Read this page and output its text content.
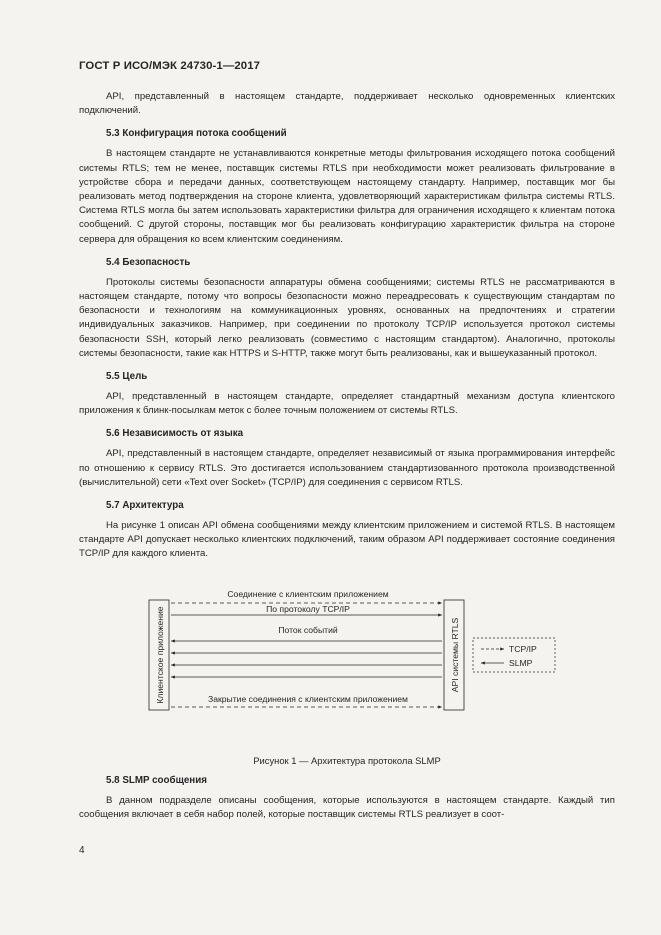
ГОСТ Р ИСО/МЭК 24730-1—2017

API, представленный в настоящем стандарте, поддерживает несколько одновременных клиентских подключений.

5.3 Конфигурация потока сообщений

В настоящем стандарте не устанавливаются конкретные методы фильтрования исходящего потока сообщений системы RTLS; тем не менее, поставщик системы RTLS при необходимости может реализовать фильтрование в устройстве сбора и передачи данных, соответствующем настоящему стандарту. Например, поставщик мог бы реализовать метод подтверждения на стороне клиента, удовлетворяющий характеристикам фильтра системы RTLS. Система RTLS могла бы затем использовать характеристики фильтра для ограничения исходящего к клиентам потока сообщений. С другой стороны, поставщик мог бы реализовать конфигурацию характеристик фильтра на стороне сервера для обращения ко всем клиентским соединениям.

5.4 Безопасность

Протоколы системы безопасности аппаратуры обмена сообщениями; системы RTLS не рассматриваются в настоящем стандарте, потому что вопросы безопасности можно переадресовать к существующим стандартам по безопасности и технологиям на коммуникационных уровнях, основанных на предпочтениях и стратегии индивидуальных заказчиков. Например, при соединении по протоколу TCP/IP используется протокол системы безопасности SSH, который легко реализовать (совместимо с настоящим стандартом). Аналогично, протоколы системы безопасности, такие как HTTPS и S-HTTP, также могут быть реализованы, как и вышеуказанный протокол.

5.5 Цель

API, представленный в настоящем стандарте, определяет стандартный механизм доступа клиентского приложения к блинк-посылкам меток с более точным положением от системы RTLS.

5.6 Независимость от языка

API, представленный в настоящем стандарте, определяет независимый от языка программирования интерфейс по отношению к сервису RTLS. Это достигается использованием стандартизованного протокола производственной (вычислительной) сети «Text over Socket» (TCP/IP) для соединения с сервисом RTLS.

5.7 Архитектура

На рисунке 1 описан API обмена сообщениями между клиентским приложением и системой RTLS. В настоящем стандарте API допускает несколько клиентских подключений, таким образом API поддерживает состояние соединения TCP/IP для каждого клиента.

Клиентское приложение	API системы RTLS
Соединение с клиентским приложением
По протоколу TCP/IP
Поток событий
Закрытие соединения с клиентским приложением
TCP/IP
SLMP
Рисунок 1 — Архитектура протокола SLMP
5.8 SLMP сообщения

В данном подразделе описаны сообщения, которые используются в настоящем стандарте. Каждый тип сообщения включает в себя набор полей, которые поставщик системы RTLS реализует в соот-

4
